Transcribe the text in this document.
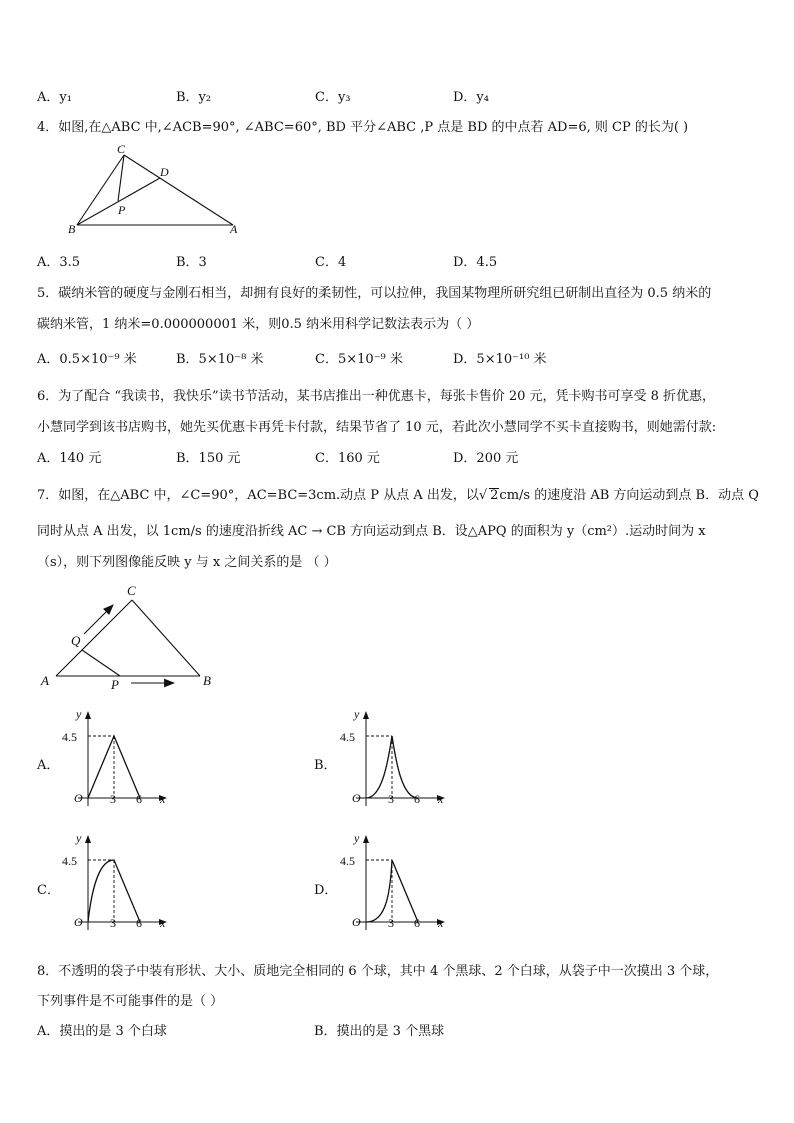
A．y₁	B．y₂	C．y₃	D．y₄
4．如图,在△ABC 中,∠ACB=90°, ∠ABC=60°, BD 平分∠ABC ,P 点是 BD 的中点若 AD=6, 则 CP 的长为( )
C
D
P
B	A
A．3.5	B．3	C．4	D．4.5
5．碳纳米管的硬度与金刚石相当，却拥有良好的柔韧性，可以拉伸，我国某物理所研究组已研制出直径为 0.5 纳米的
碳纳米管，1 纳米=0.000000001 米，则0.5 纳米用科学记数法表示为（ ）
A．0.5×10⁻⁹ 米	B．5×10⁻⁸ 米	C．5×10⁻⁹ 米	D．5×10⁻¹⁰ 米
6．为了配合 “我读书，我快乐”读书节活动，某书店推出一种优惠卡，每张卡售价 20 元，凭卡购书可享受 8 折优惠，
小慧同学到该书店购书，她先买优惠卡再凭卡付款，结果节省了 10 元，若此次小慧同学不买卡直接购书，则她需付款:
A．140 元	B．150 元	C．160 元	D．200 元
7．如图，在△ABC 中，∠C=90°，AC=BC=3cm.动点 P 从点 A 出发，以√ 2cm/s 的速度沿 AB 方向运动到点 B．动点 Q
同时从点 A 出发，以 1cm/s 的速度沿折线 AC → CB 方向运动到点 B．设△APQ 的面积为 y（cm²）.运动时间为 x
（s），则下列图像能反映 y 与 x 之间关系的是 （ ）
C
Q
A	P	B
A．	B．
C．	D．
y
x
O
4.5
3 6
y
x
O
4.5
3 6
y
x
O
4.5
3 6
y
x
O
4.5
3 6
8．不透明的袋子中装有形状、大小、质地完全相同的 6 个球，其中 4 个黑球、2 个白球，从袋子中一次摸出 3 个球，
下列事件是不可能事件的是（ ）
A．摸出的是 3 个白球	B．摸出的是 3 个黑球
